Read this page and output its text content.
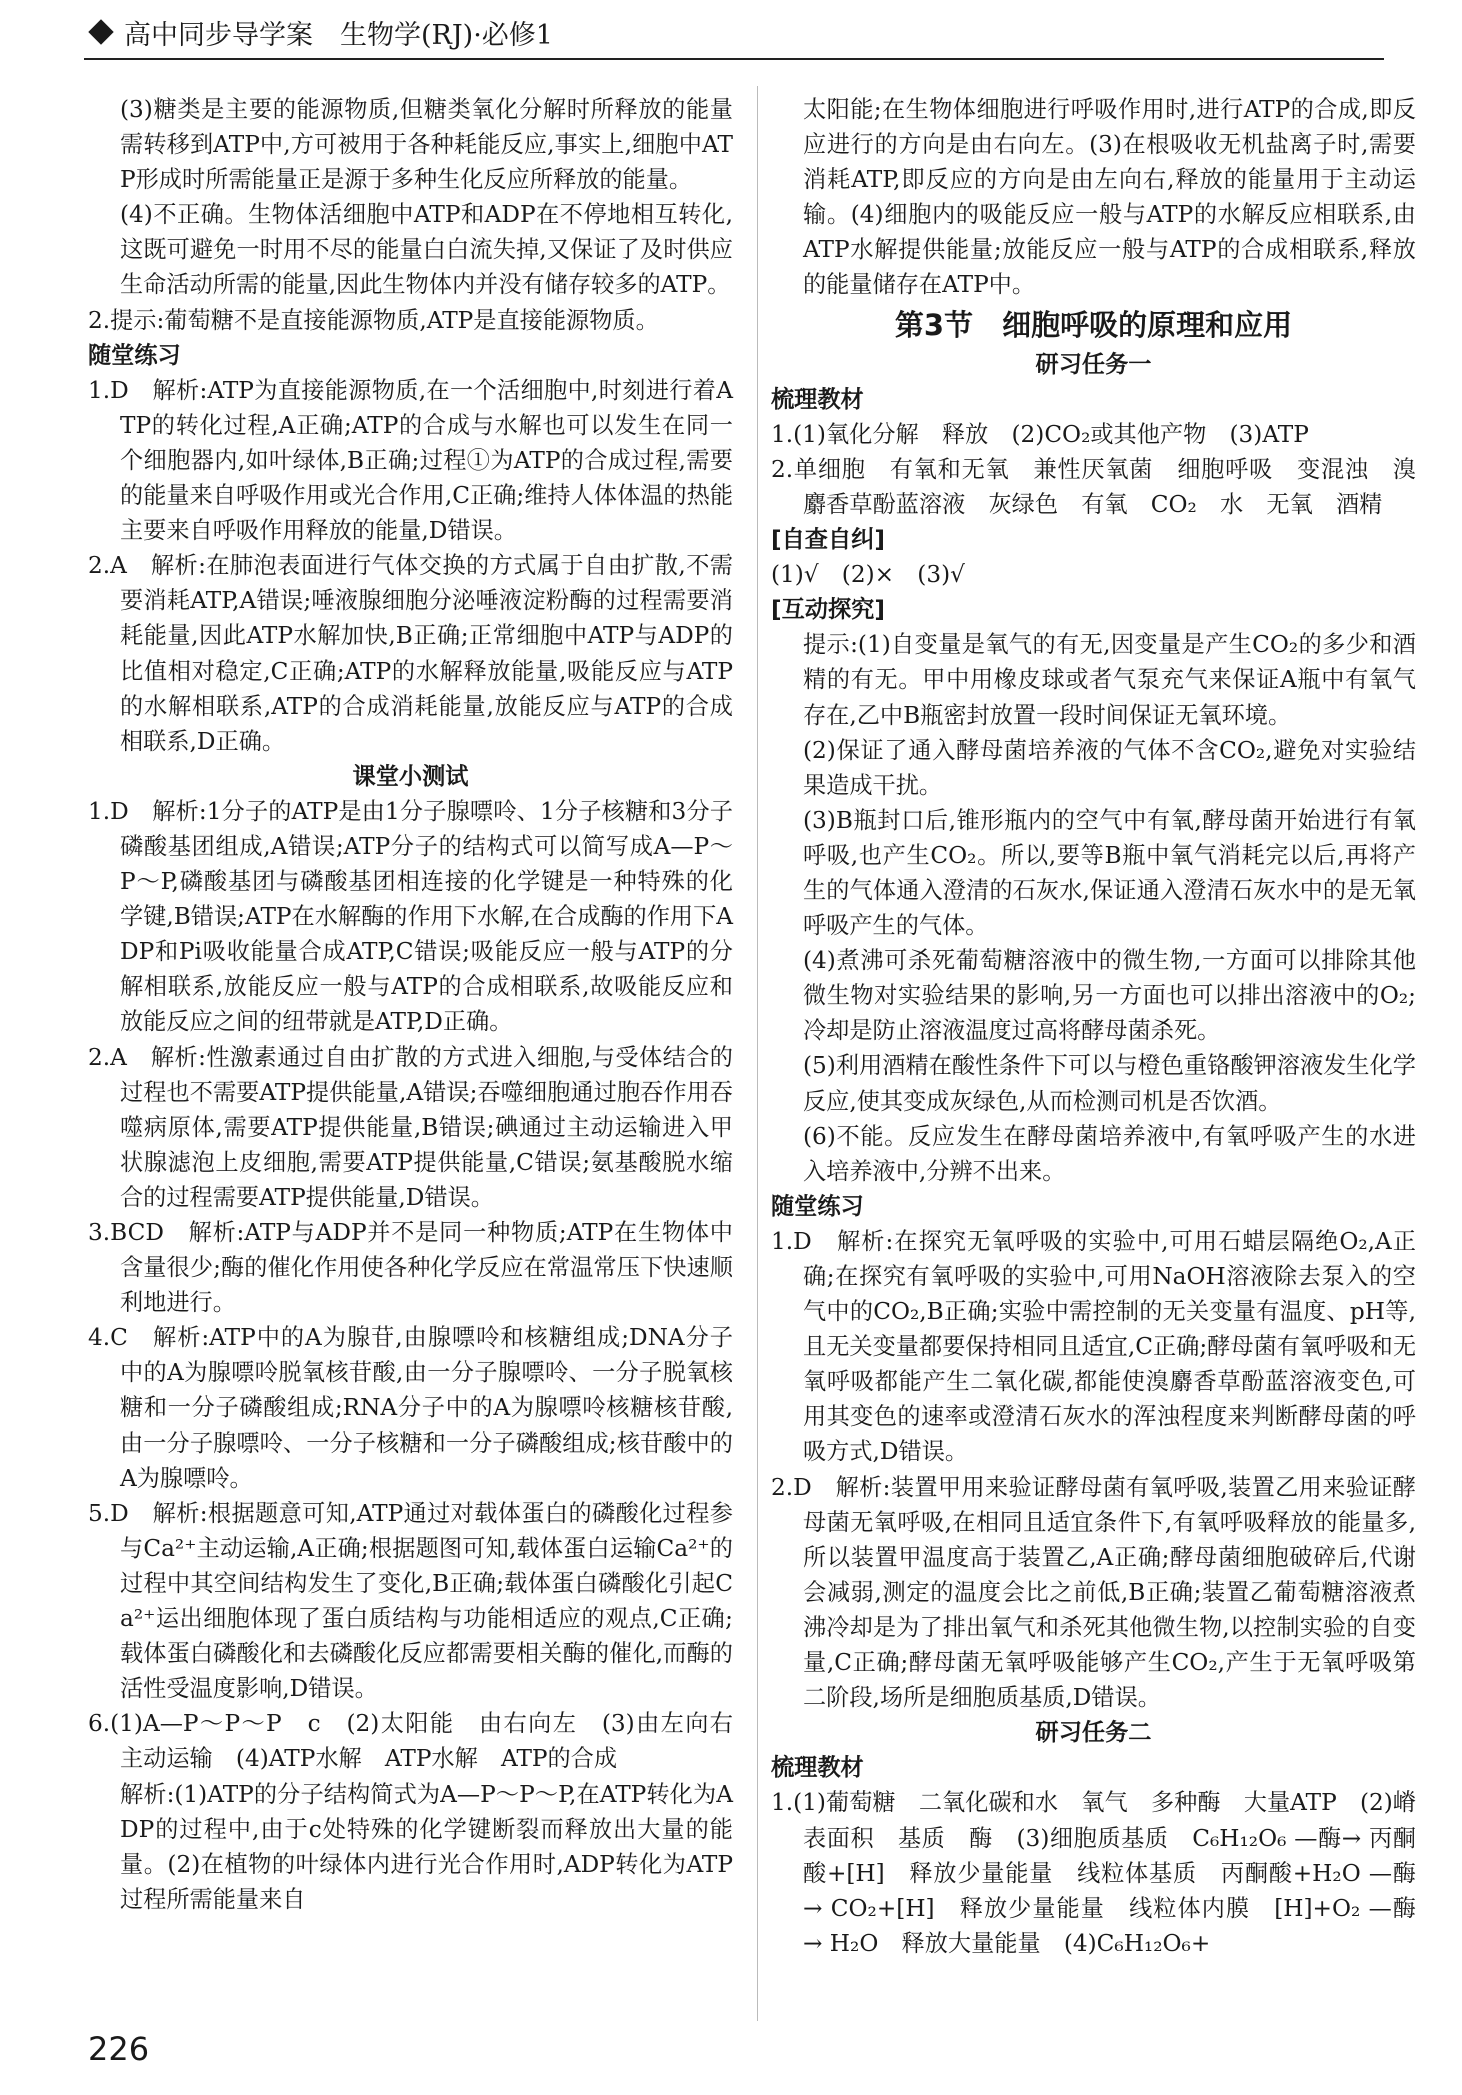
高中同步导学案　生物学(RJ)·必修1
(3)糖类是主要的能源物质,但糖类氧化分解时所释放的能量需转移到ATP中,方可被用于各种耗能反应,事实上,细胞中ATP形成时所需能量正是源于多种生化反应所释放的能量。
(4)不正确。生物体活细胞中ATP和ADP在不停地相互转化,这既可避免一时用不尽的能量白白流失掉,又保证了及时供应生命活动所需的能量,因此生物体内并没有储存较多的ATP。
2.提示:葡萄糖不是直接能源物质,ATP是直接能源物质。
随堂练习
1.D　解析:ATP为直接能源物质,在一个活细胞中,时刻进行着ATP的转化过程,A正确;ATP的合成与水解也可以发生在同一个细胞器内,如叶绿体,B正确;过程①为ATP的合成过程,需要的能量来自呼吸作用或光合作用,C正确;维持人体体温的热能主要来自呼吸作用释放的能量,D错误。
2.A　解析:在肺泡表面进行气体交换的方式属于自由扩散,不需要消耗ATP,A错误;唾液腺细胞分泌唾液淀粉酶的过程需要消耗能量,因此ATP水解加快,B正确;正常细胞中ATP与ADP的比值相对稳定,C正确;ATP的水解释放能量,吸能反应与ATP的水解相联系,ATP的合成消耗能量,放能反应与ATP的合成相联系,D正确。
课堂小测试
1.D　解析:1分子的ATP是由1分子腺嘌呤、1分子核糖和3分子磷酸基团组成,A错误;ATP分子的结构式可以简写成A—P～P～P,磷酸基团与磷酸基团相连接的化学键是一种特殊的化学键,B错误;ATP在水解酶的作用下水解,在合成酶的作用下ADP和Pi吸收能量合成ATP,C错误;吸能反应一般与ATP的分解相联系,放能反应一般与ATP的合成相联系,故吸能反应和放能反应之间的纽带就是ATP,D正确。
2.A　解析:性激素通过自由扩散的方式进入细胞,与受体结合的过程也不需要ATP提供能量,A错误;吞噬细胞通过胞吞作用吞噬病原体,需要ATP提供能量,B错误;碘通过主动运输进入甲状腺滤泡上皮细胞,需要ATP提供能量,C错误;氨基酸脱水缩合的过程需要ATP提供能量,D错误。
3.BCD　解析:ATP与ADP并不是同一种物质;ATP在生物体中含量很少;酶的催化作用使各种化学反应在常温常压下快速顺利地进行。
4.C　解析:ATP中的A为腺苷,由腺嘌呤和核糖组成;DNA分子中的A为腺嘌呤脱氧核苷酸,由一分子腺嘌呤、一分子脱氧核糖和一分子磷酸组成;RNA分子中的A为腺嘌呤核糖核苷酸,由一分子腺嘌呤、一分子核糖和一分子磷酸组成;核苷酸中的A为腺嘌呤。
5.D　解析:根据题意可知,ATP通过对载体蛋白的磷酸化过程参与Ca²⁺主动运输,A正确;根据题图可知,载体蛋白运输Ca²⁺的过程中其空间结构发生了变化,B正确;载体蛋白磷酸化引起Ca²⁺运出细胞体现了蛋白质结构与功能相适应的观点,C正确;载体蛋白磷酸化和去磷酸化反应都需要相关酶的催化,而酶的活性受温度影响,D错误。
6.(1)A—P～P～P　c　(2)太阳能　由右向左　(3)由左向右　主动运输　(4)ATP水解　ATP水解　ATP的合成
解析:(1)ATP的分子结构简式为A—P～P～P,在ATP转化为ADP的过程中,由于c处特殊的化学键断裂而释放出大量的能量。(2)在植物的叶绿体内进行光合作用时,ADP转化为ATP过程所需能量来自
太阳能;在生物体细胞进行呼吸作用时,进行ATP的合成,即反应进行的方向是由右向左。(3)在根吸收无机盐离子时,需要消耗ATP,即反应的方向是由左向右,释放的能量用于主动运输。(4)细胞内的吸能反应一般与ATP的水解反应相联系,由ATP水解提供能量;放能反应一般与ATP的合成相联系,释放的能量储存在ATP中。
第3节　细胞呼吸的原理和应用
研习任务一
梳理教材
1.(1)氧化分解　释放　(2)CO₂或其他产物　(3)ATP
2.单细胞　有氧和无氧　兼性厌氧菌　细胞呼吸　变混浊　溴麝香草酚蓝溶液　灰绿色　有氧　CO₂　水　无氧　酒精
[自查自纠]
(1)√　(2)×　(3)√
[互动探究]
提示:(1)自变量是氧气的有无,因变量是产生CO₂的多少和酒精的有无。甲中用橡皮球或者气泵充气来保证A瓶中有氧气存在,乙中B瓶密封放置一段时间保证无氧环境。
(2)保证了通入酵母菌培养液的气体不含CO₂,避免对实验结果造成干扰。
(3)B瓶封口后,锥形瓶内的空气中有氧,酵母菌开始进行有氧呼吸,也产生CO₂。所以,要等B瓶中氧气消耗完以后,再将产生的气体通入澄清的石灰水,保证通入澄清石灰水中的是无氧呼吸产生的气体。
(4)煮沸可杀死葡萄糖溶液中的微生物,一方面可以排除其他微生物对实验结果的影响,另一方面也可以排出溶液中的O₂;冷却是防止溶液温度过高将酵母菌杀死。
(5)利用酒精在酸性条件下可以与橙色重铬酸钾溶液发生化学反应,使其变成灰绿色,从而检测司机是否饮酒。
(6)不能。反应发生在酵母菌培养液中,有氧呼吸产生的水进入培养液中,分辨不出来。
随堂练习
1.D　解析:在探究无氧呼吸的实验中,可用石蜡层隔绝O₂,A正确;在探究有氧呼吸的实验中,可用NaOH溶液除去泵入的空气中的CO₂,B正确;实验中需控制的无关变量有温度、pH等,且无关变量都要保持相同且适宜,C正确;酵母菌有氧呼吸和无氧呼吸都能产生二氧化碳,都能使溴麝香草酚蓝溶液变色,可用其变色的速率或澄清石灰水的浑浊程度来判断酵母菌的呼吸方式,D错误。
2.D　解析:装置甲用来验证酵母菌有氧呼吸,装置乙用来验证酵母菌无氧呼吸,在相同且适宜条件下,有氧呼吸释放的能量多,所以装置甲温度高于装置乙,A正确;酵母菌细胞破碎后,代谢会减弱,测定的温度会比之前低,B正确;装置乙葡萄糖溶液煮沸冷却是为了排出氧气和杀死其他微生物,以控制实验的自变量,C正确;酵母菌无氧呼吸能够产生CO₂,产生于无氧呼吸第二阶段,场所是细胞质基质,D错误。
研习任务二
梳理教材
1.(1)葡萄糖　二氧化碳和水　氧气　多种酶　大量ATP　(2)嵴　表面积　基质　酶　(3)细胞质基质　C₆H₁₂O₆ —酶→ 丙酮酸+[H]　释放少量能量　线粒体基质　丙酮酸+H₂O —酶→ CO₂+[H]　释放少量能量　线粒体内膜　[H]+O₂ —酶→ H₂O　释放大量能量　(4)C₆H₁₂O₆+
226
